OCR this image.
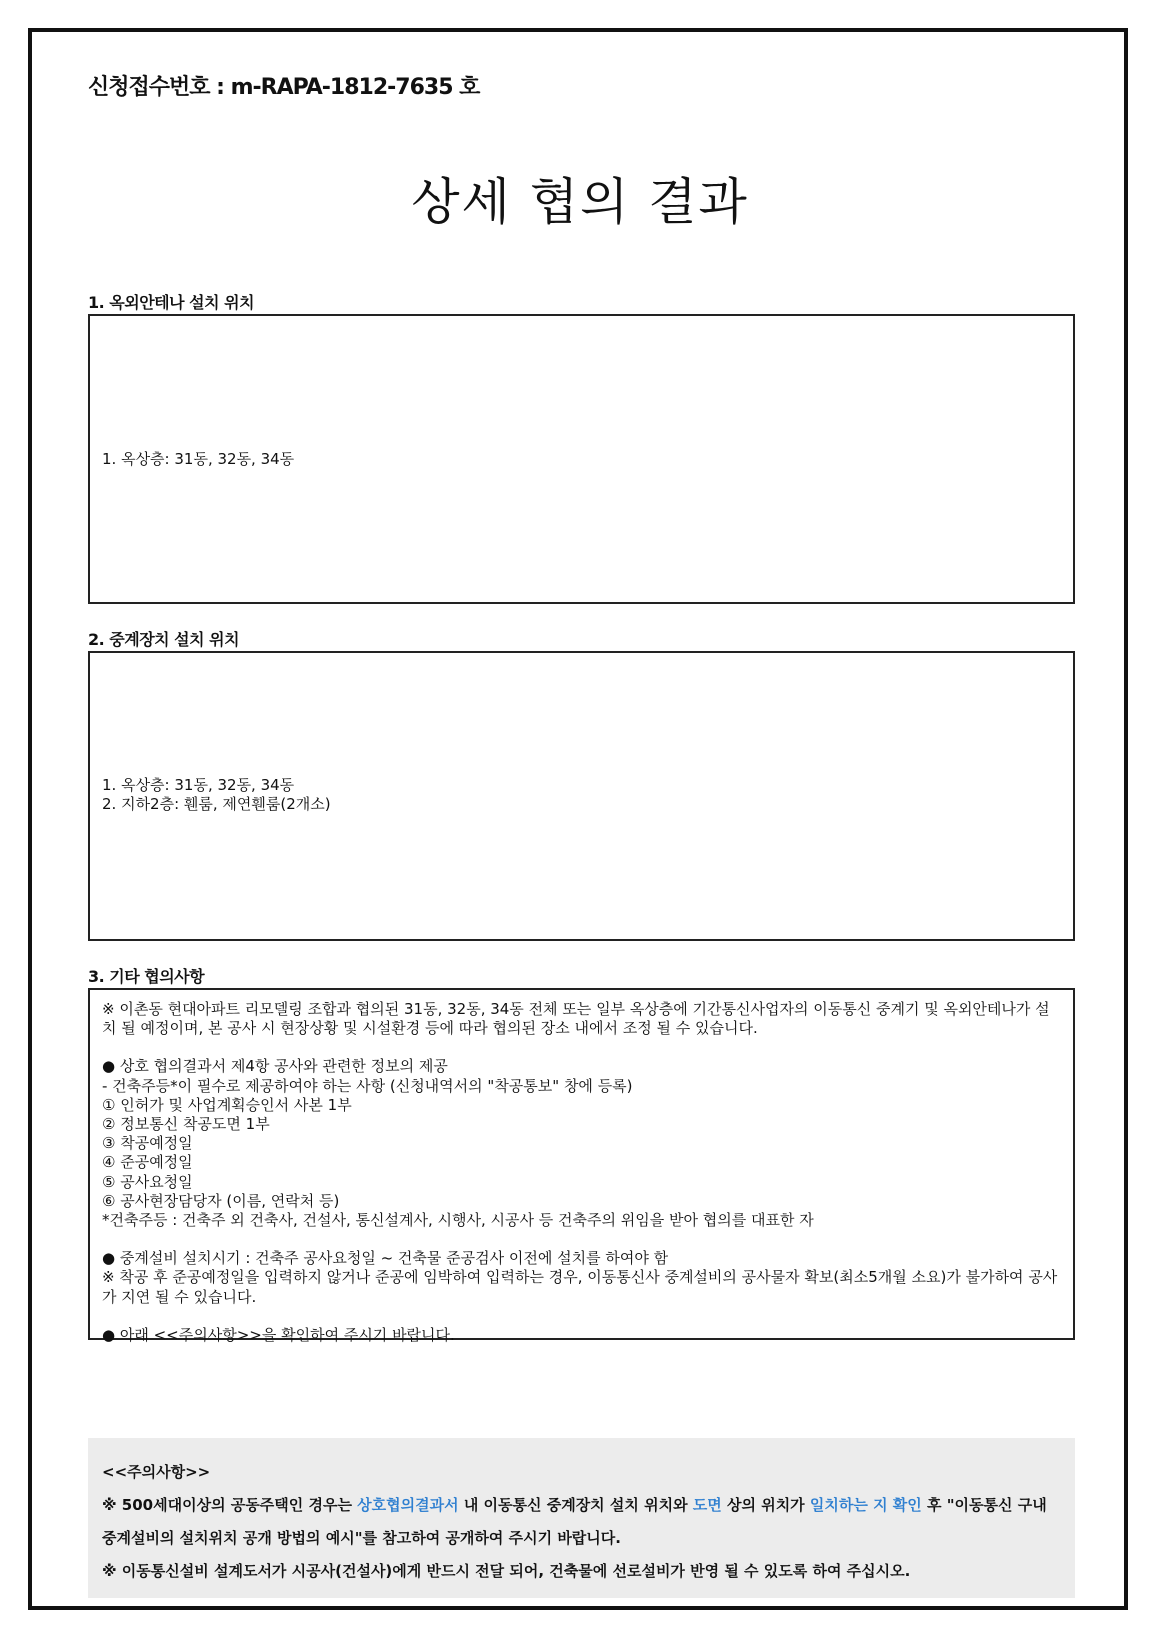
신청접수번호 : m-RAPA-1812-7635 호

상세 협의 결과
1. 옥외안테나 설치 위치
1. 옥상층: 31동, 32동, 34동
2. 중계장치 설치 위치
1. 옥상층: 31동, 32동, 34동
2. 지하2층: 휀룸, 제연휀룸(2개소)
3. 기타 협의사항

※ 이촌동 현대아파트 리모델링 조합과 협의된 31동, 32동, 34동 전체 또는 일부 옥상층에 기간통신사업자의 이동통신 중계기 및 옥외안테나가 설치 될 예정이며, 본 공사 시 현장상황 및 시설환경 등에 따라 협의된 장소 내에서 조정 될 수 있습니다.

● 상호 협의결과서 제4항 공사와 관련한 정보의 제공

- 건축주등*이 필수로 제공하여야 하는 사항 (신청내역서의 "착공통보" 창에 등록)

① 인허가 및 사업계획승인서 사본 1부

② 정보통신 착공도면 1부

③ 착공예정일

④ 준공예정일

⑤ 공사요청일

⑥ 공사현장담당자 (이름, 연락처 등)

*건축주등 : 건축주 외 건축사, 건설사, 통신설계사, 시행사, 시공사 등 건축주의 위임을 받아 협의를 대표한 자

● 중계설비 설치시기 : 건축주 공사요청일 ~ 건축물 준공검사 이전에 설치를 하여야 함

※ 착공 후 준공예정일을 입력하지 않거나 준공에 임박하여 입력하는 경우, 이동통신사 중계설비의 공사물자 확보(최소5개월 소요)가 불가하여 공사가 지연 될 수 있습니다.

● 아래 <<주의사항>>을 확인하여 주시기 바랍니다.

<<주의사항>>

※ 500세대이상의 공동주택인 경우는 상호협의결과서 내 이동통신 중계장치 설치 위치와 도면 상의 위치가 일치하는 지 확인 후 "이동통신 구내중계설비의 설치위치 공개 방법의 예시"를 참고하여 공개하여 주시기 바랍니다.

※ 이동통신설비 설계도서가 시공사(건설사)에게 반드시 전달 되어, 건축물에 선로설비가 반영 될 수 있도록 하여 주십시오.
